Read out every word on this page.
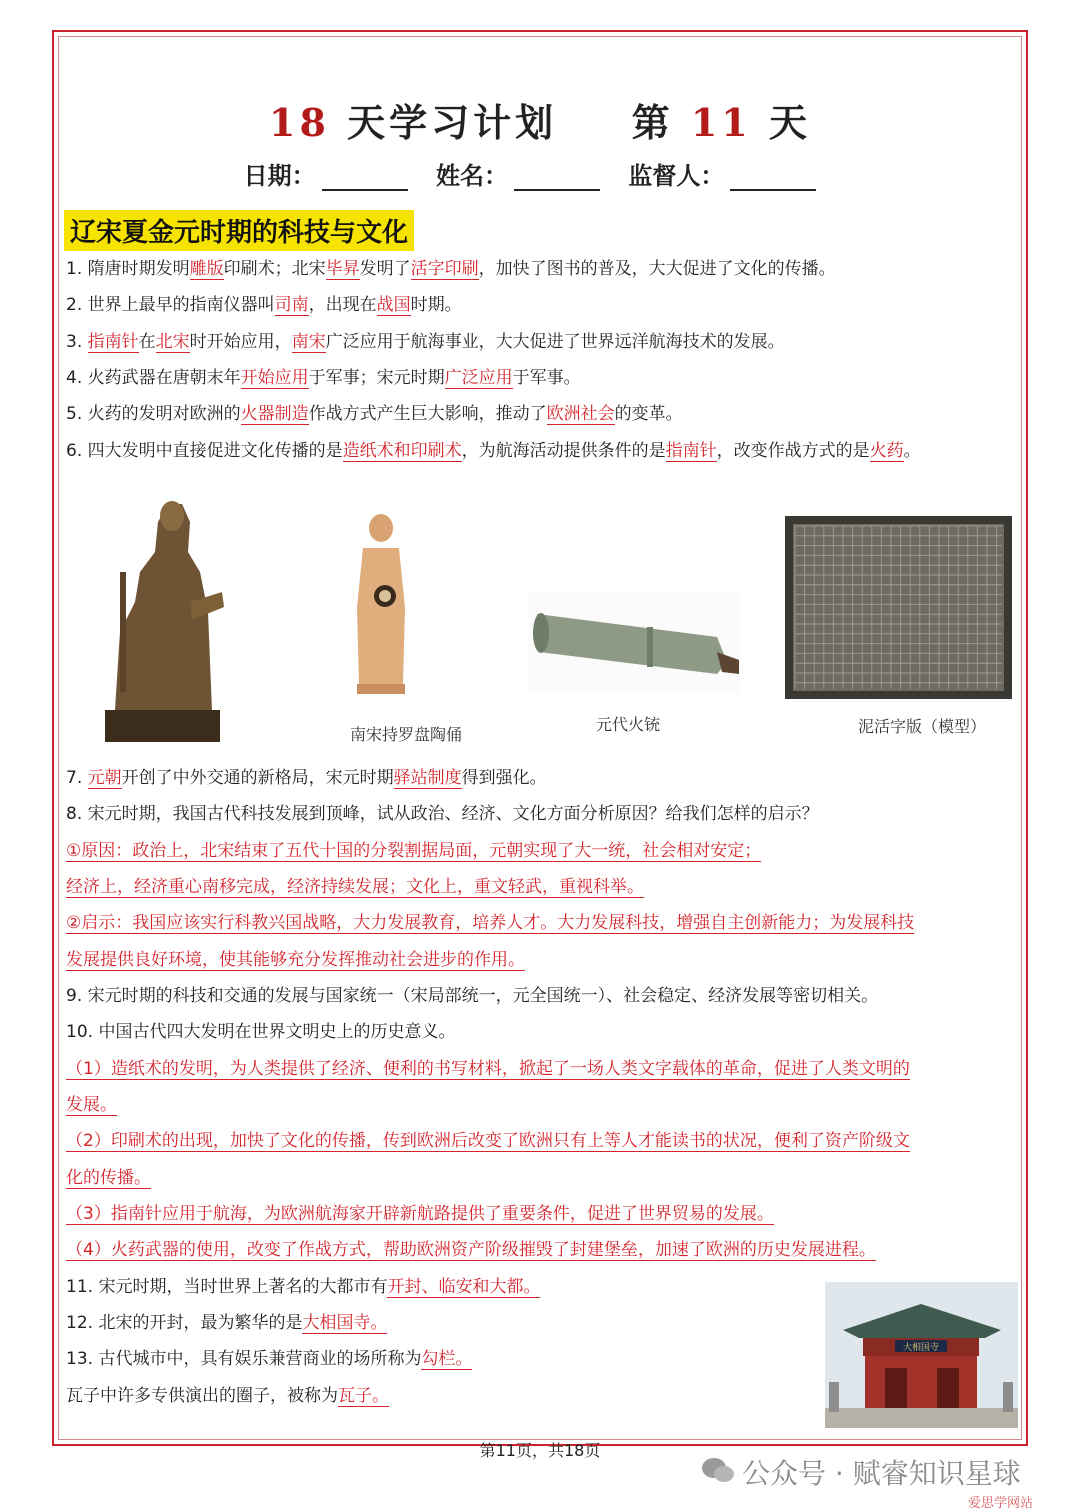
18 天学习计划 第 11 天
日期：	姓名：	监督人：
辽宋夏金元时期的科技与文化
1. 隋唐时期发明雕版印刷术；北宋毕昇发明了活字印刷，加快了图书的普及，大大促进了文化的传播。
2. 世界上最早的指南仪器叫司南，出现在战国时期。
3. 指南针在北宋时开始应用，南宋广泛应用于航海事业，大大促进了世界远洋航海技术的发展。
4. 火药武器在唐朝末年开始应用于军事；宋元时期广泛应用于军事。
5. 火药的发明对欧洲的火器制造作战方式产生巨大影响，推动了欧洲社会的变革。
6. 四大发明中直接促进文化传播的是造纸术和印刷术，为航海活动提供条件的是指南针，改变作战方式的是火药。
南宋持罗盘陶俑
元代火铳	泥活字版（模型）
7. 元朝开创了中外交通的新格局，宋元时期驿站制度得到强化。
8. 宋元时期，我国古代科技发展到顶峰，试从政治、经济、文化方面分析原因？给我们怎样的启示？
①原因：政治上，北宋结束了五代十国的分裂割据局面，元朝实现了大一统，社会相对安定；
经济上，经济重心南移完成，经济持续发展；文化上，重文轻武，重视科举。
②启示：我国应该实行科教兴国战略，大力发展教育，培养人才。大力发展科技，增强自主创新能力；为发展科技
发展提供良好环境，使其能够充分发挥推动社会进步的作用。
9. 宋元时期的科技和交通的发展与国家统一（宋局部统一，元全国统一）、社会稳定、经济发展等密切相关。
10. 中国古代四大发明在世界文明史上的历史意义。
（1）造纸术的发明，为人类提供了经济、便利的书写材料，掀起了一场人类文字载体的革命，促进了人类文明的
发展。
（2）印刷术的出现，加快了文化的传播，传到欧洲后改变了欧洲只有上等人才能读书的状况，便利了资产阶级文
化的传播。
（3）指南针应用于航海，为欧洲航海家开辟新航路提供了重要条件，促进了世界贸易的发展。
（4）火药武器的使用，改变了作战方式，帮助欧洲资产阶级摧毁了封建堡垒，加速了欧洲的历史发展进程。
11. 宋元时期，当时世界上著名的大都市有开封、临安和大都。
12. 北宋的开封，最为繁华的是大相国寺。
13. 古代城市中，具有娱乐兼营商业的场所称为勾栏。
瓦子中许多专供演出的圈子，被称为瓦子。
大相国寺
第11页，共18页
公众号 · 赋睿知识星球
爱思学网站
